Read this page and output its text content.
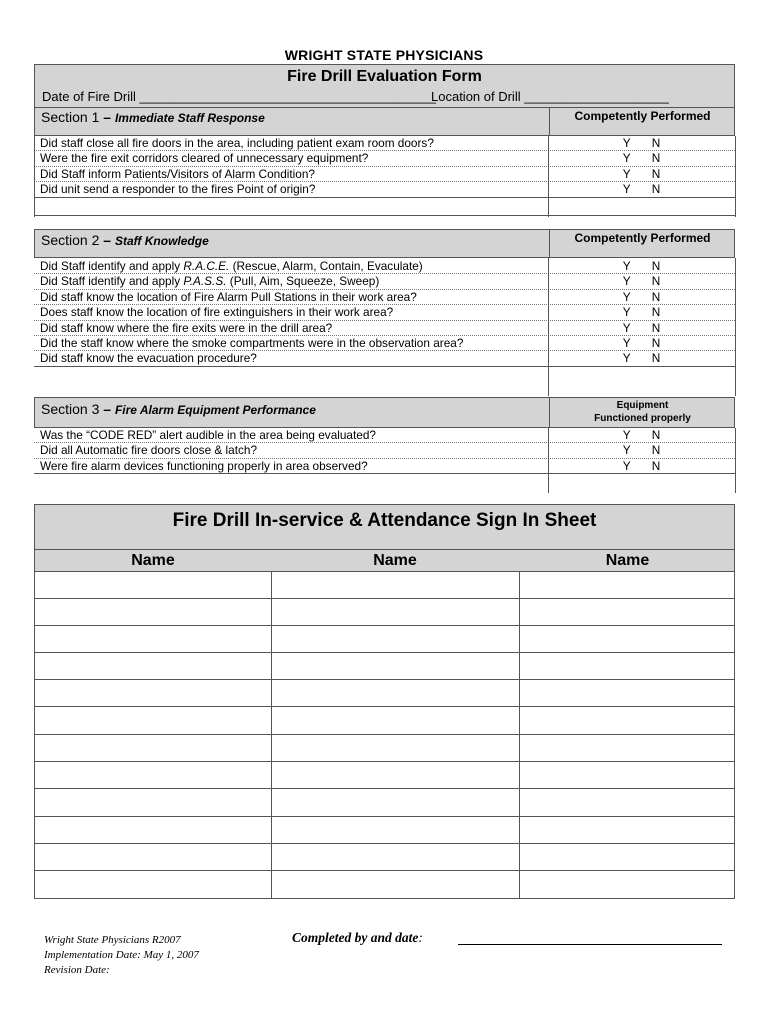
WRIGHT STATE PHYSICIANS
Fire Drill Evaluation Form
Date of Fire Drill _________________________________________
Location of Drill ____________________
Section 1 – Immediate Staff Response	Competently Performed
Did staff close all fire doors in the area, including patient exam room doors?	Y N
Were the fire exit corridors cleared of unnecessary equipment?	Y N
Did Staff inform Patients/Visitors of Alarm Condition?	Y N
Did unit send a responder to the fires Point of origin?	Y N
Section 2 – Staff Knowledge	Competently Performed
Did Staff identify and apply R.A.C.E. (Rescue, Alarm, Contain, Evaculate)	Y N
Did Staff identify and apply P.A.S.S. (Pull, Aim, Squeeze, Sweep)	Y N
Did staff know the location of Fire Alarm Pull Stations in their work area?	Y N
Does staff know the location of fire extinguishers in their work area?	Y N
Did staff know where the fire exits were in the drill area?	Y N
Did the staff know where the smoke compartments were in the observation area?	Y N
Did staff know the evacuation procedure?	Y N
Section 3 – Fire Alarm Equipment Performance	Equipment
Functioned properly
Was the “CODE RED” alert audible in the area being evaluated?	Y N
Did all Automatic fire doors close & latch?	Y N
Were fire alarm devices functioning properly in area observed?	Y N
Fire Drill In-service & Attendance Sign In Sheet
Name	Name	Name
Wright State Physicians R2007
Implementation Date: May 1, 2007
Revision Date:
Completed by and date:
